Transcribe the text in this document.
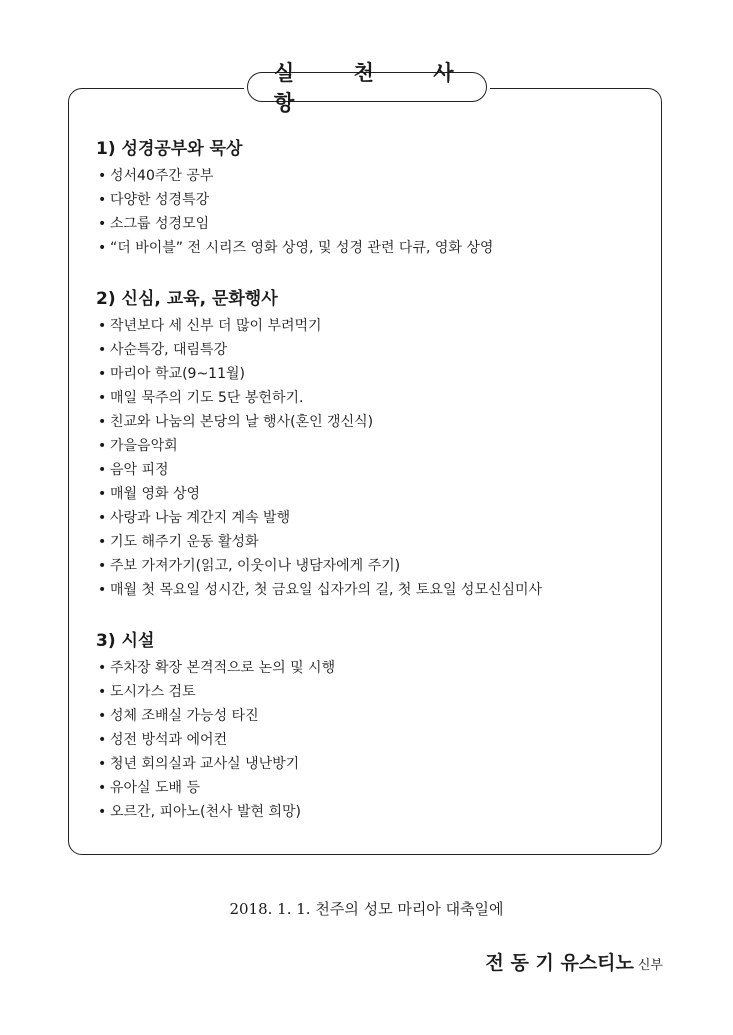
실 천 사 항
1) 성경공부와 묵상
• 성서40주간 공부
• 다양한 성경특강
• 소그룹 성경모임
• “더 바이블” 전 시리즈 영화 상영, 및 성경 관련 다큐, 영화 상영
2) 신심, 교육, 문화행사
• 작년보다 세 신부 더 많이 부려먹기
• 사순특강, 대림특강
• 마리아 학교(9~11월)
• 매일 묵주의 기도 5단 봉헌하기.
• 친교와 나눔의 본당의 날 행사(혼인 갱신식)
• 가을음악회
• 음악 피정
• 매월 영화 상영
• 사랑과 나눔 계간지 계속 발행
• 기도 해주기 운동 활성화
• 주보 가져가기(읽고, 이웃이나 냉담자에게 주기)
• 매월 첫 목요일 성시간, 첫 금요일 십자가의 길, 첫 토요일 성모신심미사
3) 시설
• 주차장 확장 본격적으로 논의 및 시행
• 도시가스 검토
• 성체 조배실 가능성 타진
• 성전 방석과 에어컨
• 청년 회의실과 교사실 냉난방기
• 유아실 도배 등
• 오르간, 피아노(천사 발현 희망)
2018. 1. 1. 천주의 성모 마리아 대축일에
전 동 기 유스티노 신부
